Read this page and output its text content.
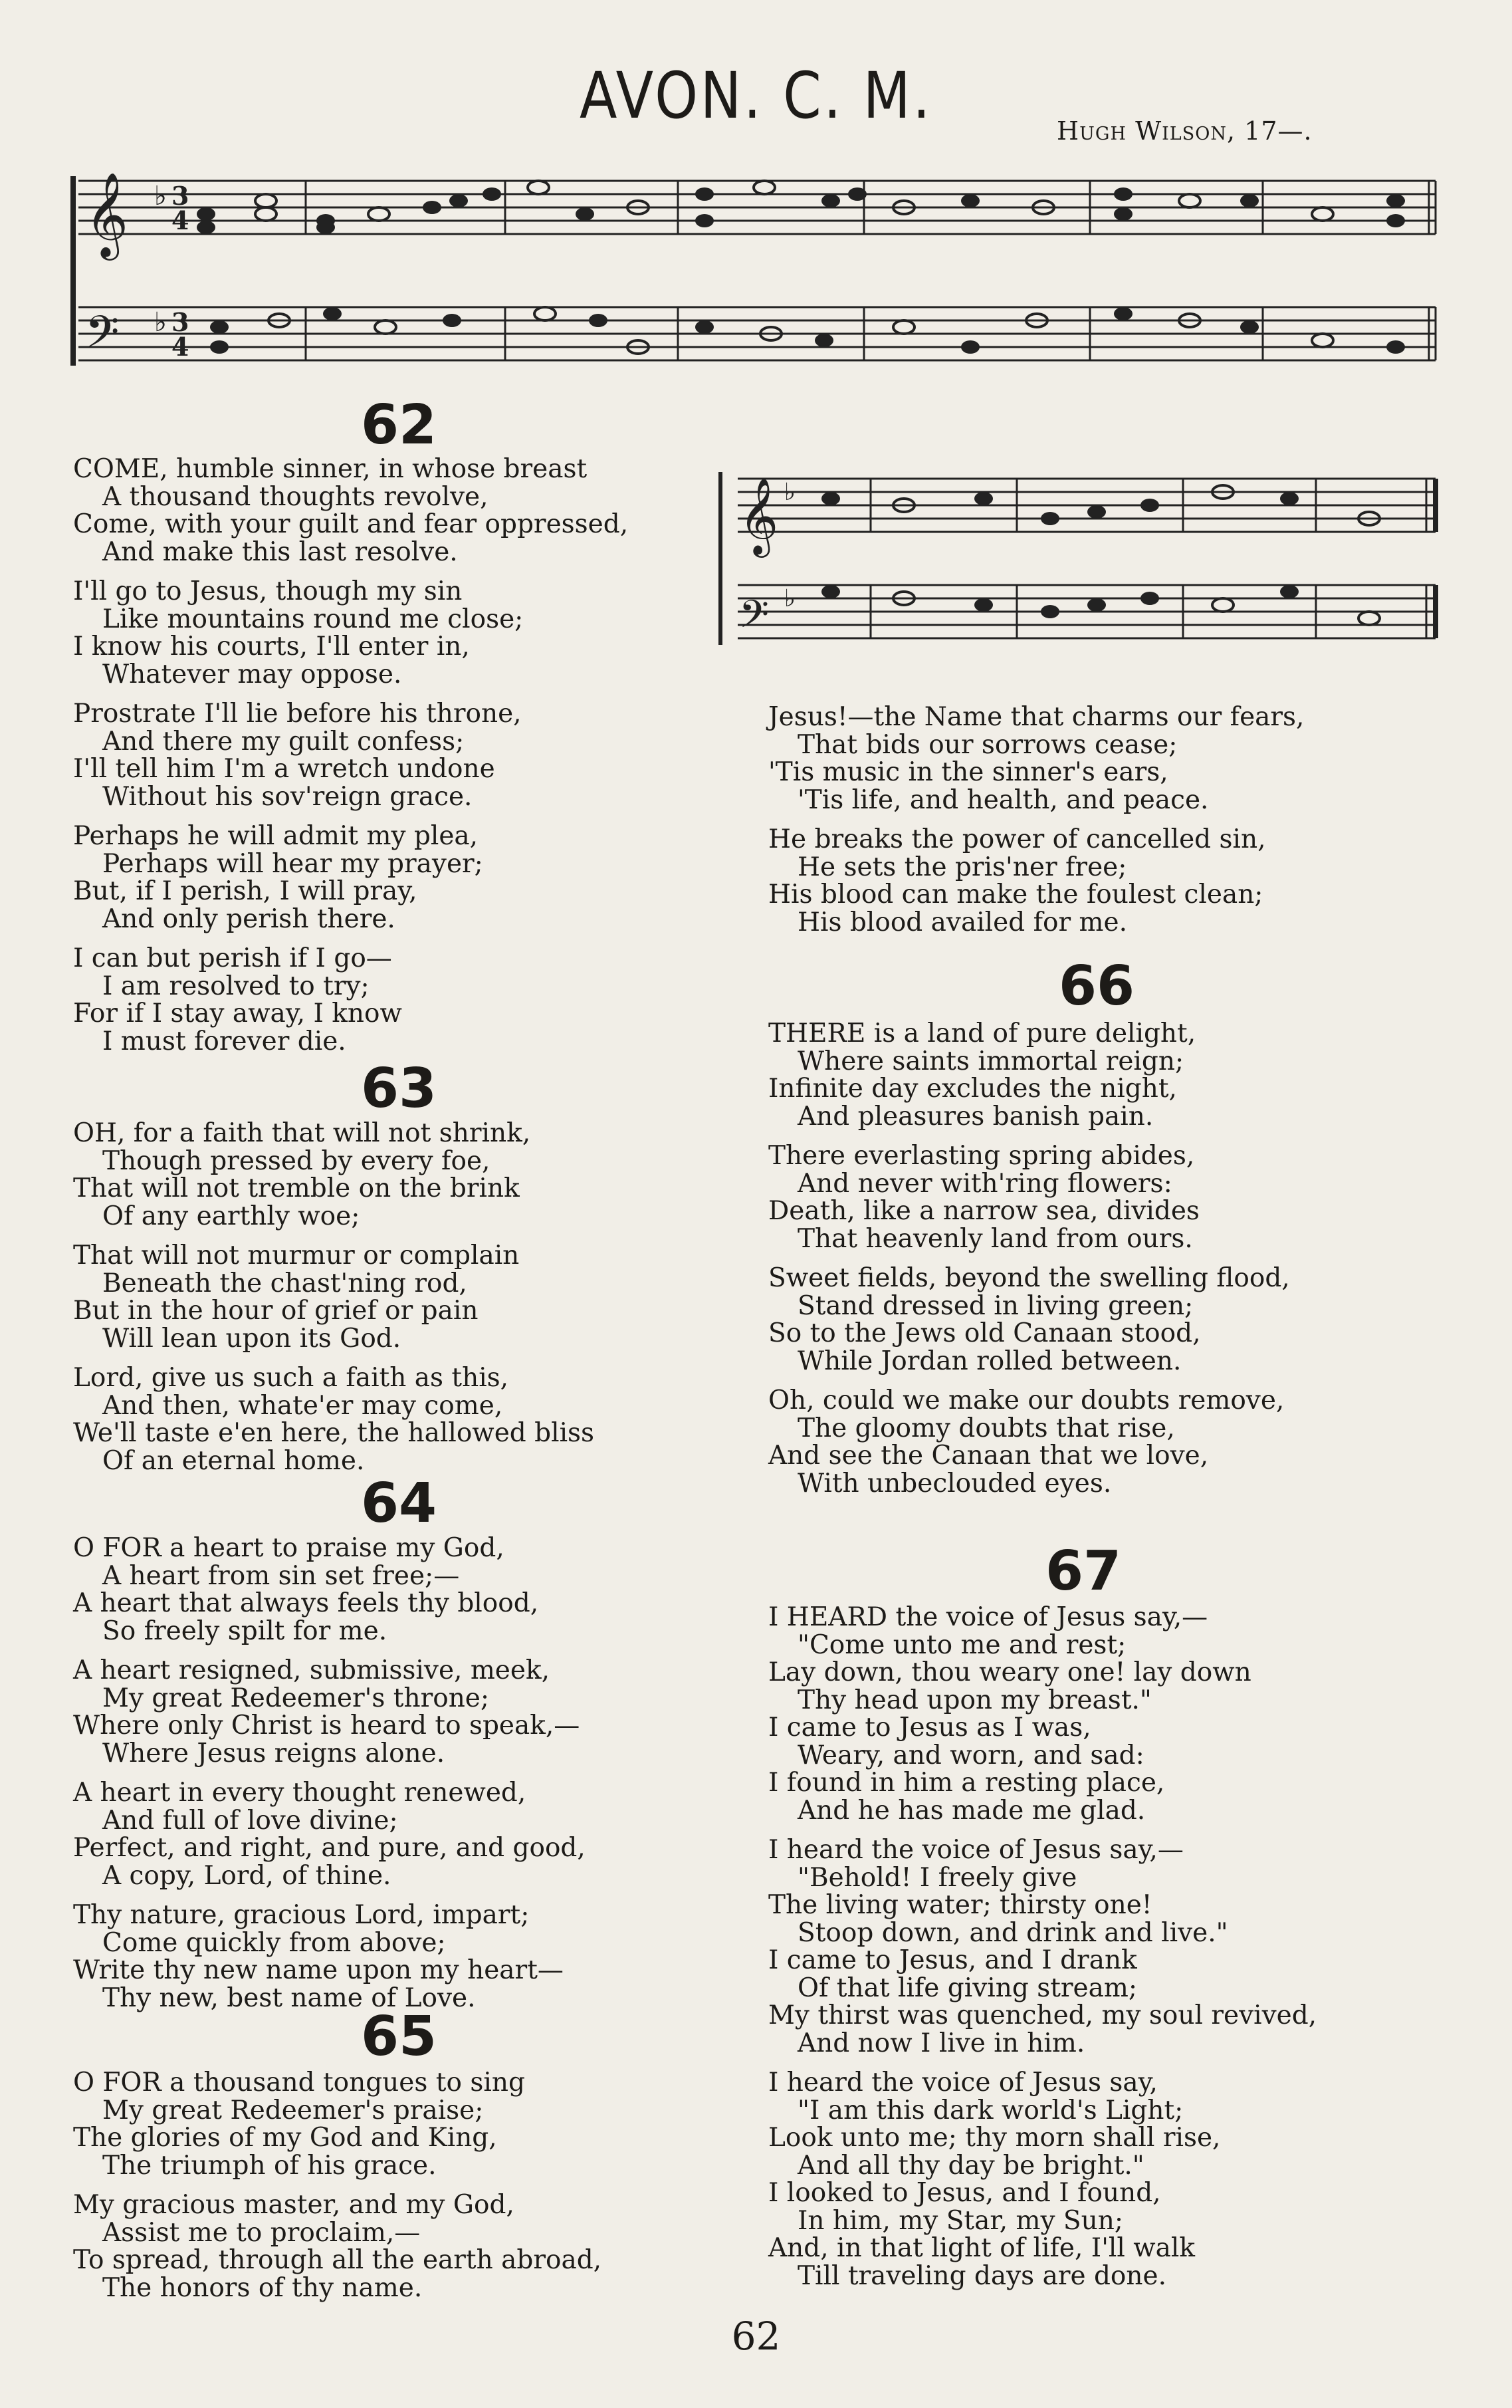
AVON. C. M.	Hugh Wilson, 17—.
𝄞
𝄢
♭ 3
4
♭ 3
4
𝄞
𝄢
♭
♭
62
COME, humble sinner, in whose breast
A thousand thoughts revolve,
Come, with your guilt and fear oppressed,
And make this last resolve.
I'll go to Jesus, though my sin
Like mountains round me close;
I know his courts, I'll enter in,
Whatever may oppose.
Prostrate I'll lie before his throne,
And there my guilt confess;
I'll tell him I'm a wretch undone
Without his sov'reign grace.
Perhaps he will admit my plea,
Perhaps will hear my prayer;
But, if I perish, I will pray,
And only perish there.
I can but perish if I go—
I am resolved to try;
For if I stay away, I know
I must forever die.
63
OH, for a faith that will not shrink,
Though pressed by every foe,
That will not tremble on the brink
Of any earthly woe;
That will not murmur or complain
Beneath the chast'ning rod,
But in the hour of grief or pain
Will lean upon its God.
Lord, give us such a faith as this,
And then, whate'er may come,
We'll taste e'en here, the hallowed bliss
Of an eternal home.
64
O FOR a heart to praise my God,
A heart from sin set free;—
A heart that always feels thy blood,
So freely spilt for me.
A heart resigned, submissive, meek,
My great Redeemer's throne;
Where only Christ is heard to speak,—
Where Jesus reigns alone.
A heart in every thought renewed,
And full of love divine;
Perfect, and right, and pure, and good,
A copy, Lord, of thine.
Thy nature, gracious Lord, impart;
Come quickly from above;
Write thy new name upon my heart—
Thy new, best name of Love.
65
O FOR a thousand tongues to sing
My great Redeemer's praise;
The glories of my God and King,
The triumph of his grace.
My gracious master, and my God,
Assist me to proclaim,—
To spread, through all the earth abroad,
The honors of thy name.
Jesus!—the Name that charms our fears,
That bids our sorrows cease;
'Tis music in the sinner's ears,
'Tis life, and health, and peace.
He breaks the power of cancelled sin,
He sets the pris'ner free;
His blood can make the foulest clean;
His blood availed for me.
66
THERE is a land of pure delight,
Where saints immortal reign;
Infinite day excludes the night,
And pleasures banish pain.
There everlasting spring abides,
And never with'ring flowers:
Death, like a narrow sea, divides
That heavenly land from ours.
Sweet fields, beyond the swelling flood,
Stand dressed in living green;
So to the Jews old Canaan stood,
While Jordan rolled between.
Oh, could we make our doubts remove,
The gloomy doubts that rise,
And see the Canaan that we love,
With unbeclouded eyes.
67
I HEARD the voice of Jesus say,—
"Come unto me and rest;
Lay down, thou weary one! lay down
Thy head upon my breast."
I came to Jesus as I was,
Weary, and worn, and sad:
I found in him a resting place,
And he has made me glad.
I heard the voice of Jesus say,—
"Behold! I freely give
The living water; thirsty one!
Stoop down, and drink and live."
I came to Jesus, and I drank
Of that life giving stream;
My thirst was quenched, my soul revived,
And now I live in him.
I heard the voice of Jesus say,
"I am this dark world's Light;
Look unto me; thy morn shall rise,
And all thy day be bright."
I looked to Jesus, and I found,
In him, my Star, my Sun;
And, in that light of life, I'll walk
Till traveling days are done.
62
